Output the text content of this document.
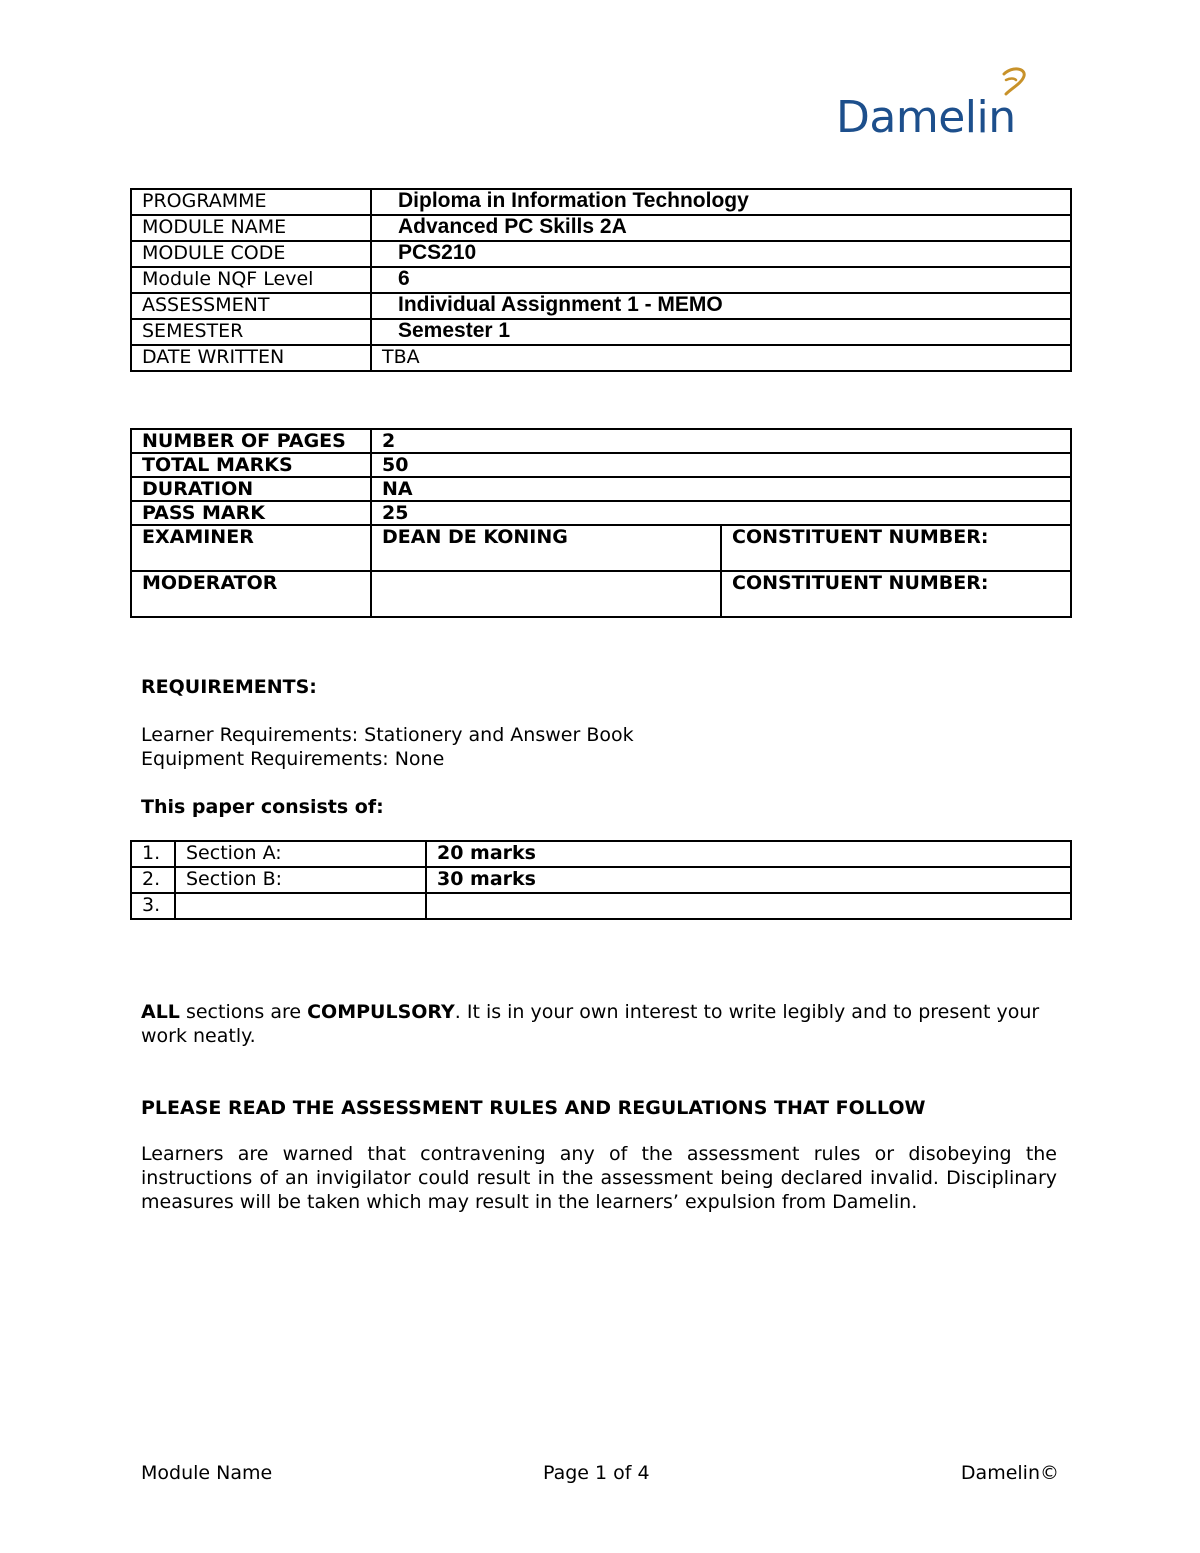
Damelin
PROGRAMME	Diploma in Information Technology
MODULE NAME	Advanced PC Skills 2A
MODULE CODE	PCS210
Module NQF Level	6
ASSESSMENT	Individual Assignment 1 - MEMO
SEMESTER	Semester 1
DATE WRITTEN	TBA
NUMBER OF PAGES	2	
TOTAL MARKS	50	
DURATION	NA	
PASS MARK	25	
EXAMINER	DEAN DE KONING	CONSTITUENT NUMBER:
MODERATOR		CONSTITUENT NUMBER:
REQUIREMENTS:
Learner Requirements: Stationery and Answer Book
Equipment Requirements: None
This paper consists of:
1.	Section A:	20 marks
2.	Section B:	30 marks
3.		
ALL sections are COMPULSORY. It is in your own interest to write legibly and to present your work neatly.
PLEASE READ THE ASSESSMENT RULES AND REGULATIONS THAT FOLLOW
Learners are warned that contravening any of the assessment rules or disobeying the instructions of an invigilator could result in the assessment being declared invalid. Disciplinary measures will be taken which may result in the learners’ expulsion from Damelin.
Module Name	Page 1 of 4	Damelin©
